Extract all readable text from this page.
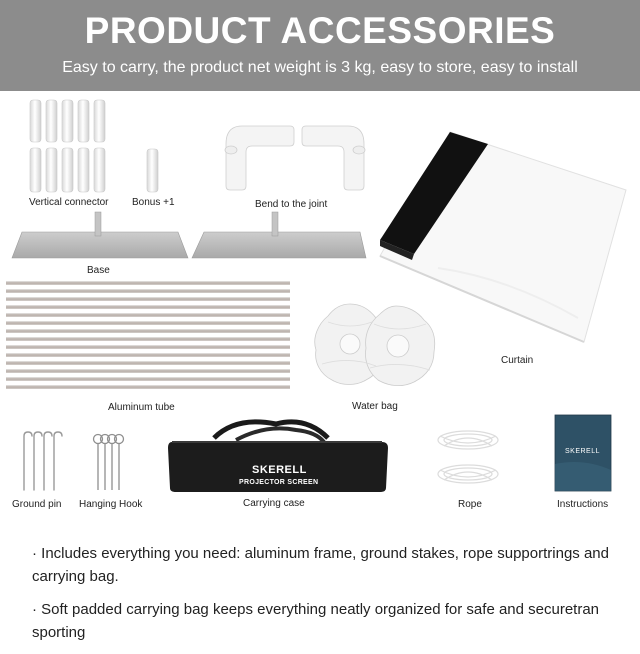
PRODUCT ACCESSORIES
Easy to carry, the product net weight is 3 kg, easy to store, easy to install
Vertical connector Bonus +1	Bend to the joint
Curtain
Base
Aluminum tube	Water bag
Ground pin Hanging Hook
SKERELL
PROJECTOR SCREEN
Carrying case	Rope
SKERELL
Instructions

· Includes everything you need: aluminum frame, ground stakes, rope supportrings and carrying bag.

· Soft padded carrying bag keeps everything neatly organized for safe and securetran sporting
